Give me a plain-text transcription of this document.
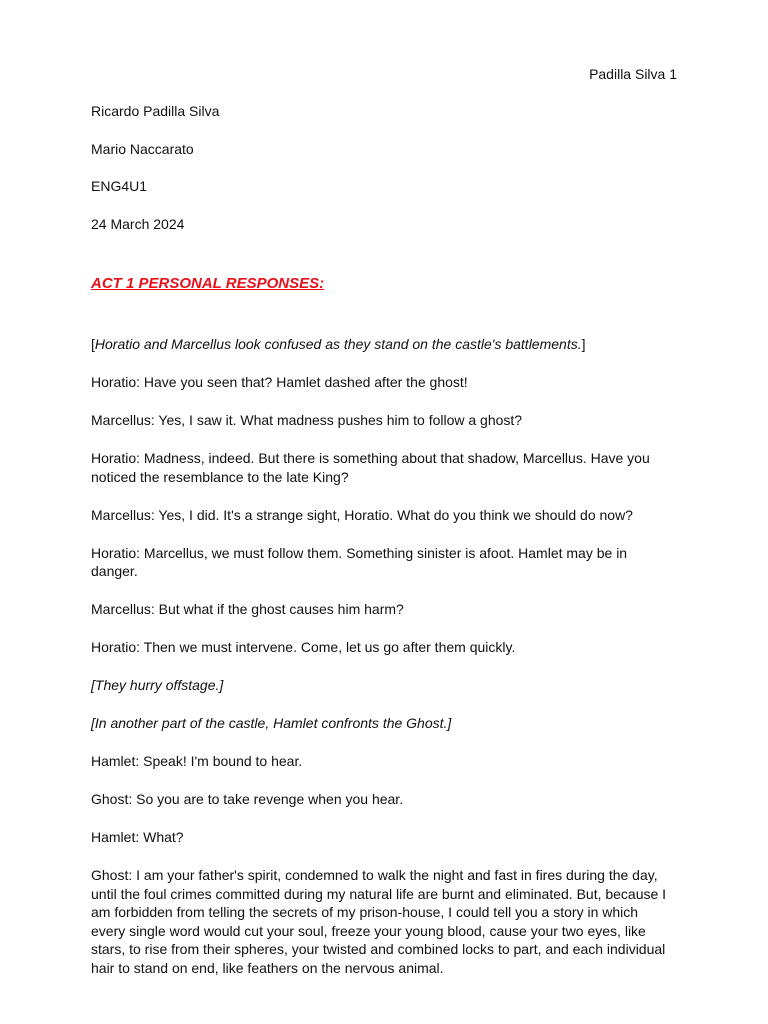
Padilla Silva 1

Ricardo Padilla Silva

Mario Naccarato

ENG4U1

24 March 2024

ACT 1 PERSONAL RESPONSES:

[Horatio and Marcellus look confused as they stand on the castle's battlements.]

Horatio: Have you seen that? Hamlet dashed after the ghost!

Marcellus: Yes, I saw it. What madness pushes him to follow a ghost?

Horatio: Madness, indeed. But there is something about that shadow, Marcellus. Have you noticed the resemblance to the late King?

Marcellus: Yes, I did. It's a strange sight, Horatio. What do you think we should do now?

Horatio: Marcellus, we must follow them. Something sinister is afoot. Hamlet may be in danger.

Marcellus: But what if the ghost causes him harm?

Horatio: Then we must intervene. Come, let us go after them quickly.

[They hurry offstage.]

[In another part of the castle, Hamlet confronts the Ghost.]

Hamlet: Speak! I'm bound to hear.

Ghost: So you are to take revenge when you hear.

Hamlet: What?

Ghost: I am your father's spirit, condemned to walk the night and fast in fires during the day, until the foul crimes committed during my natural life are burnt and eliminated. But, because I am forbidden from telling the secrets of my prison-house, I could tell you a story in which every single word would cut your soul, freeze your young blood, cause your two eyes, like stars, to rise from their spheres, your twisted and combined locks to part, and each individual hair to stand on end, like feathers on the nervous animal.
